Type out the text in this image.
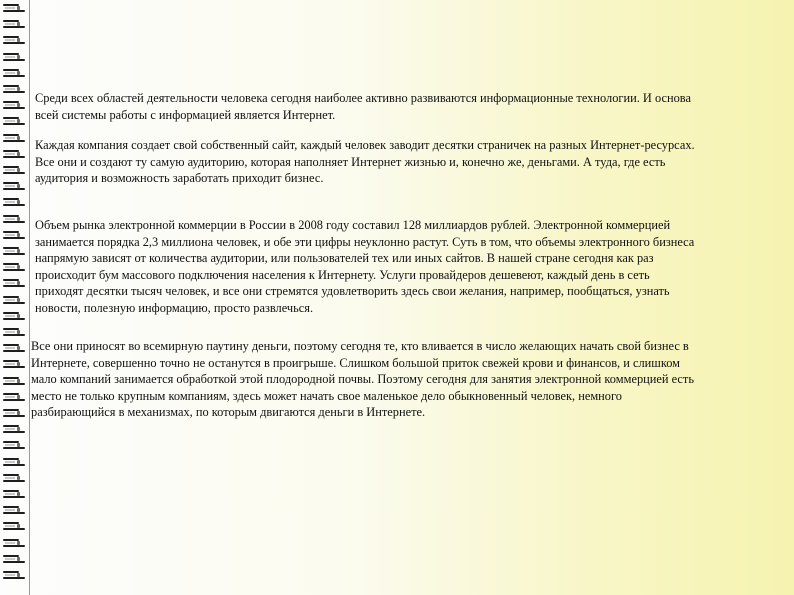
Среди всех областей деятельности человека сегодня наиболее активно развиваются информационные технологии. И основа
всей системы работы с информацией является Интернет.

Каждая компания создает свой собственный сайт, каждый человек заводит десятки страничек на разных Интернет-ресурсах.
Все они и создают ту самую аудиторию, которая наполняет Интернет жизнью и, конечно же, деньгами. А туда, где есть
аудитория и возможность заработать приходит бизнес.

Объем рынка электронной коммерции в России в 2008 году составил 128 миллиардов рублей. Электронной коммерцией
занимается порядка 2,3 миллиона человек, и обе эти цифры неуклонно растут. Суть в том, что объемы электронного бизнеса
напрямую зависят от количества аудитории, или пользователей тех или иных сайтов. В нашей стране сегодня как раз
происходит бум массового подключения населения к Интернету. Услуги провайдеров дешевеют, каждый день в сеть
приходят десятки тысяч человек, и все они стремятся удовлетворить здесь свои желания, например, пообщаться, узнать
новости, полезную информацию, просто развлечься.

Все они приносят во всемирную паутину деньги, поэтому сегодня те, кто вливается в число желающих начать свой бизнес в
Интернете, совершенно точно не останутся в проигрыше. Слишком большой приток свежей крови и финансов, и слишком
мало компаний занимается обработкой этой плодородной почвы. Поэтому сегодня для занятия электронной коммерцией есть
место не только крупным компаниям, здесь может начать свое маленькое дело обыкновенный человек, немного
разбирающийся в механизмах, по которым двигаются деньги в Интернете.
